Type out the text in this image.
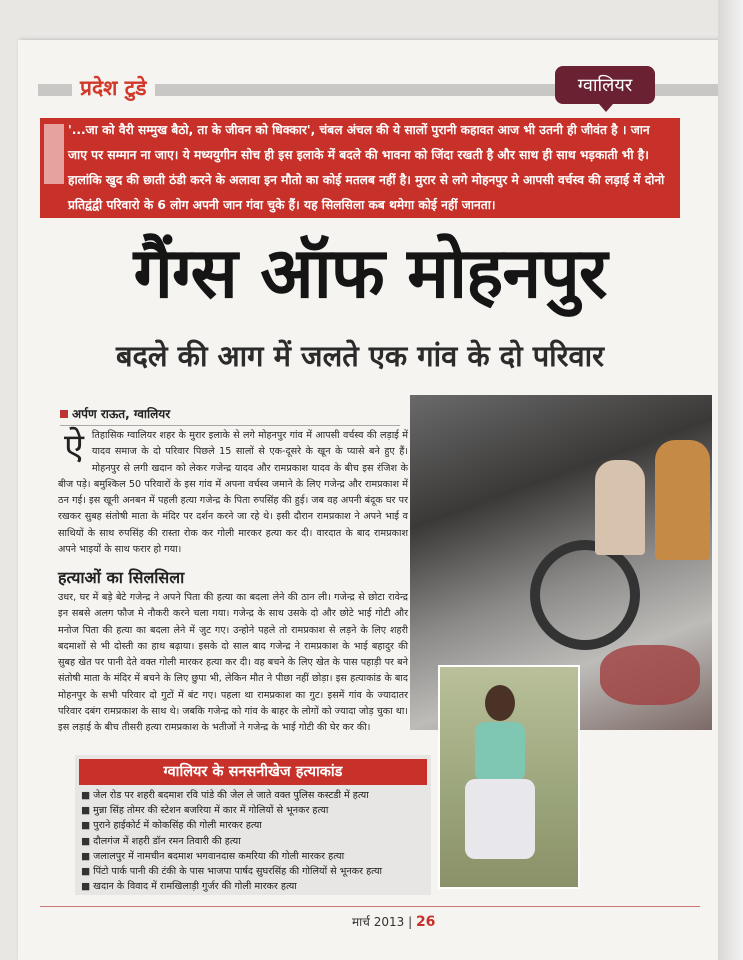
प्रदेश टुडे	ग्वालियर
'...जा को वैरी सम्मुख बैठो, ता के जीवन को धिक्कार', चंबल अंचल की ये सालों पुरानी कहावत आज भी उतनी ही जीवंत है । जान जाए पर सम्मान ना जाए। ये मध्ययुगीन सोच ही इस इलाके में बदले की भावना को जिंदा रखती है और साथ ही साथ भड़काती भी है। हालांकि खुद की छाती ठंडी करने के अलावा इन मौतो का कोई मतलब नहीं है। मुरार से लगे मोहनपुर मे आपसी वर्चस्व की लड़ाई में दोनो प्रतिद्वंद्वी परिवारो के 6 लोग अपनी जान गंवा चुके हैं। यह सिलसिला कब थमेगा कोई नहीं जानता।
गैंग्स ऑफ मोहनपुर
बदले की आग में जलते एक गांव के दो परिवार
अर्पण राऊत, ग्वालियर
ऐ तिहासिक ग्वालियर शहर के मुरार इलाके से लगे मोहनपुर गांव में आपसी वर्चस्व की लड़ाई में यादव समाज के दो परिवार पिछले 15 सालों से एक-दूसरे के खून के प्यासे बने हुए हैं। मोहनपुर से लगी खदान को लेकर गजेन्द्र यादव और रामप्रकाश यादव के बीच इस रंजिश के बीज पड़े। बमुश्किल 50 परिवारों के इस गांव में अपना वर्चस्व जमाने के लिए गजेन्द्र और रामप्रकाश में ठन गई। इस खूनी अनबन में पहली हत्या गजेन्द्र के पिता रुपसिंह की हुई। जब वह अपनी बंदूक घर पर रखकर सुबह संतोषी माता के मंदिर पर दर्शन करने जा रहे थे। इसी दौरान रामप्रकाश ने अपने भाई व साथियों के साथ रुपसिंह की रास्ता रोक कर गोली मारकर हत्या कर दी। वारदात के बाद रामप्रकाश अपने भाइयों के साथ फरार हो गया।
हत्याओं का सिलसिला
उधर, घर में बड़े बेटे गजेन्द्र ने अपने पिता की हत्या का बदला लेने की ठान ली। गजेन्द्र से छोटा रावेन्द्र इन सबसे अलग फौज मे नौकरी करने चला गया। गजेन्द्र के साथ उसके दो और छोटे भाई गोटी और मनोज पिता की हत्या का बदला लेने में जुट गए। उन्होने पहले तो रामप्रकाश से लड़ने के लिए शहरी बदमाशों से भी दोस्ती का हाथ बढ़ाया। इसके दो साल बाद गजेन्द्र ने रामप्रकाश के भाई बहादुर की सुबह खेत पर पानी देते वक्त गोली मारकर हत्या कर दी। वह बचने के लिए खेत के पास पहाड़ी पर बने संतोषी माता के मंदिर में बचने के लिए छुपा भी, लेकिन मौत ने पीछा नहीं छोड़ा। इस हत्याकांड के बाद मोहनपुर के सभी परिवार दो गुटों में बंट गए। पहला था रामप्रकाश का गुट। इसमें गांव के ज्यादातर परिवार दबंग रामप्रकाश के साथ थे। जबकि गजेन्द्र को गांव के बाहर के लोगों को ज्यादा जोड़ चुका था। इस लड़ाई के बीच तीसरी हत्या रामप्रकाश के भतीजों ने गजेन्द्र के भाई गोटी की घेर कर की।
ग्वालियर के सनसनीखेज हत्याकांड
■ जेल रोड पर शहरी बदमाश रवि पांडे की जेल ले जाते वक्त पुलिस कस्टडी में हत्या
■ मुन्ना सिंह तोमर की स्टेशन बजरिया में कार में गोलियों से भूनकर हत्या
■ पुराने हाईकोर्ट में कोकसिंह की गोली मारकर हत्या
■ दौलगंज में शहरी डॉन रमन तिवारी की हत्या
■ जलालपुर में नामचीन बदमाश भगवानदास कमरिया की गोली मारकर हत्या
■ पिंटो पार्क पानी की टंकी के पास भाजपा पार्षद सुघरसिंह की गोलियों से भूनकर हत्या
■ खदान के विवाद में रामखिलाड़ी गुर्जर की गोली मारकर हत्या
मार्च 2013 | 26
